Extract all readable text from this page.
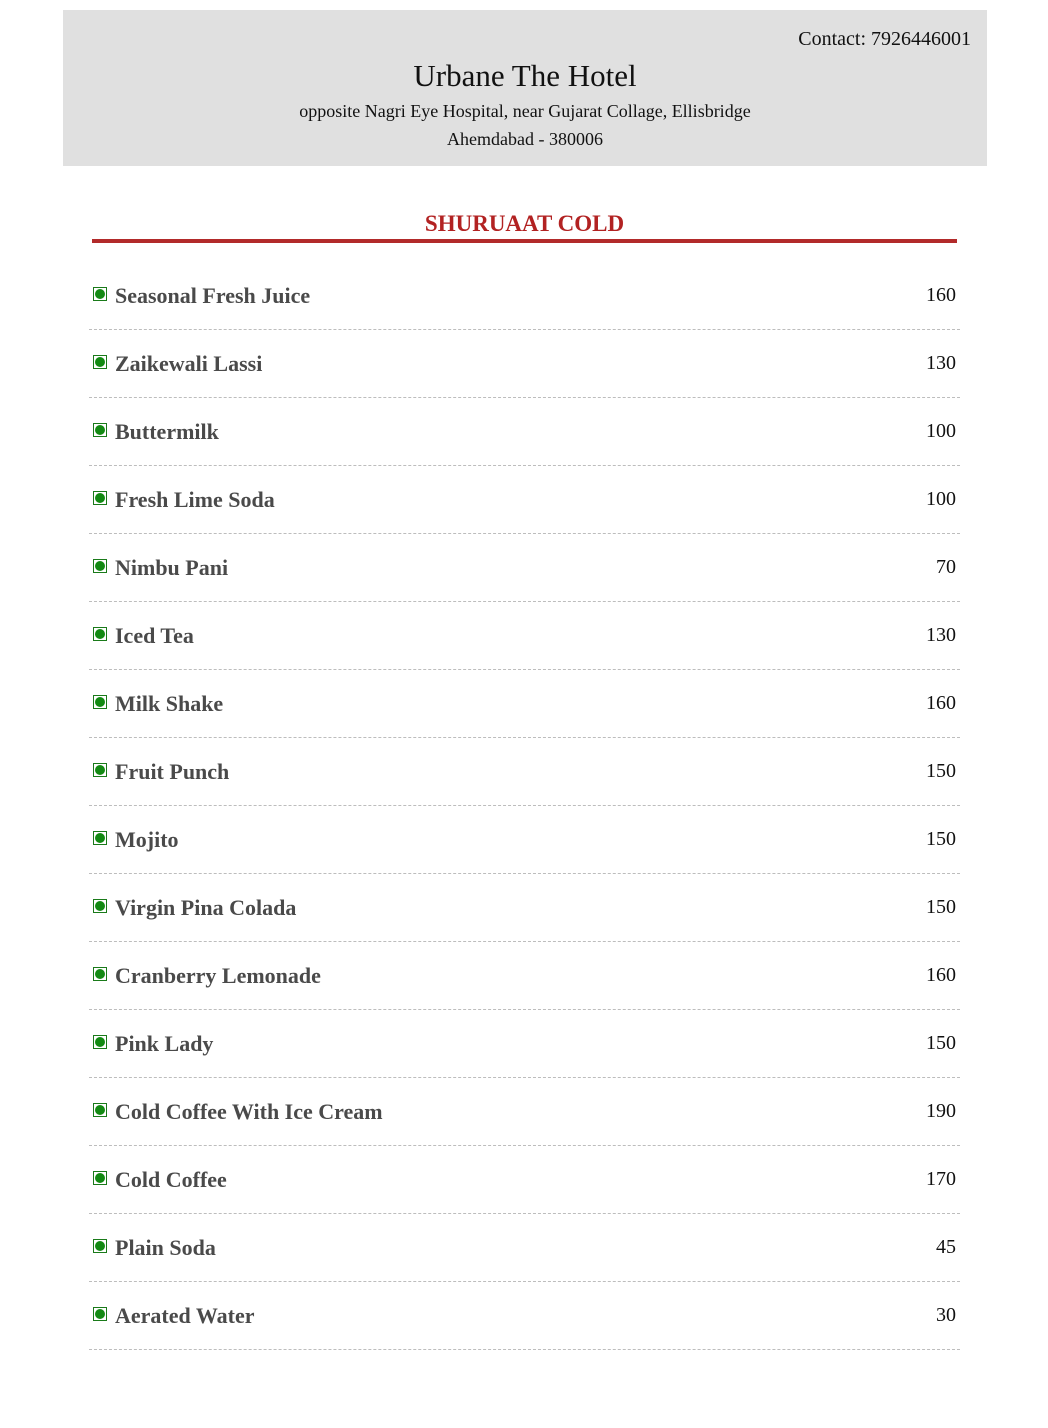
Contact: 7926446001
Urbane The Hotel
opposite Nagri Eye Hospital, near Gujarat Collage, Ellisbridge
Ahemdabad - 380006
SHURUAAT COLD
Seasonal Fresh Juice	160
Zaikewali Lassi	130
Buttermilk	100
Fresh Lime Soda	100
Nimbu Pani	70
Iced Tea	130
Milk Shake	160
Fruit Punch	150
Mojito	150
Virgin Pina Colada	150
Cranberry Lemonade	160
Pink Lady	150
Cold Coffee With Ice Cream	190
Cold Coffee	170
Plain Soda	45
Aerated Water	30
